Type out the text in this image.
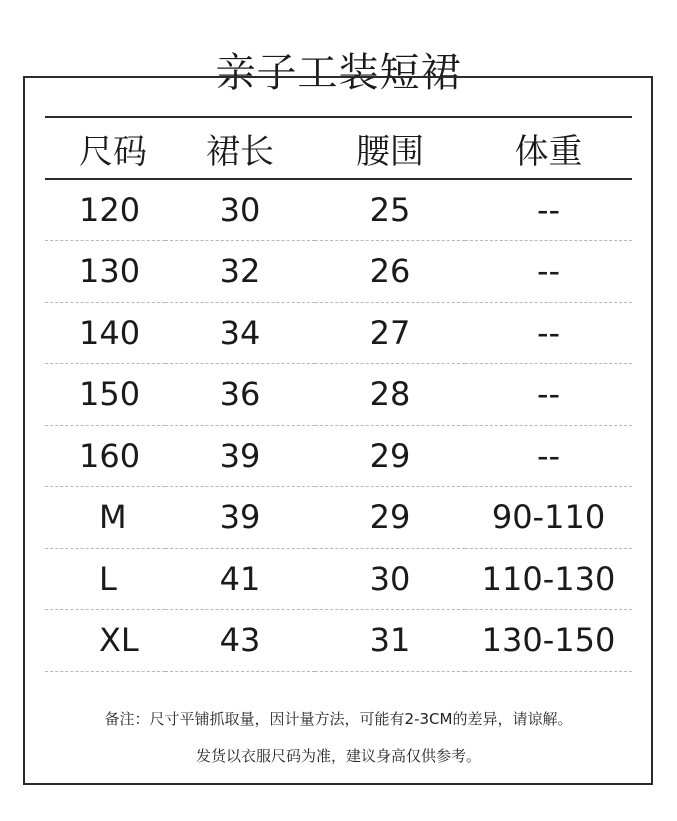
亲子工装短裙
尺码	裙长	腰围	体重
120	30	25	--
130	32	26	--
140	34	27	--
150	36	28	--
160	39	29	--
M	39	29	90-110
L	41	30	110-130
XL	43	31	130-150
备注：尺寸平铺抓取量，因计量方法，可能有2-3CM的差异，请谅解。
发货以衣服尺码为准，建议身高仅供参考。
